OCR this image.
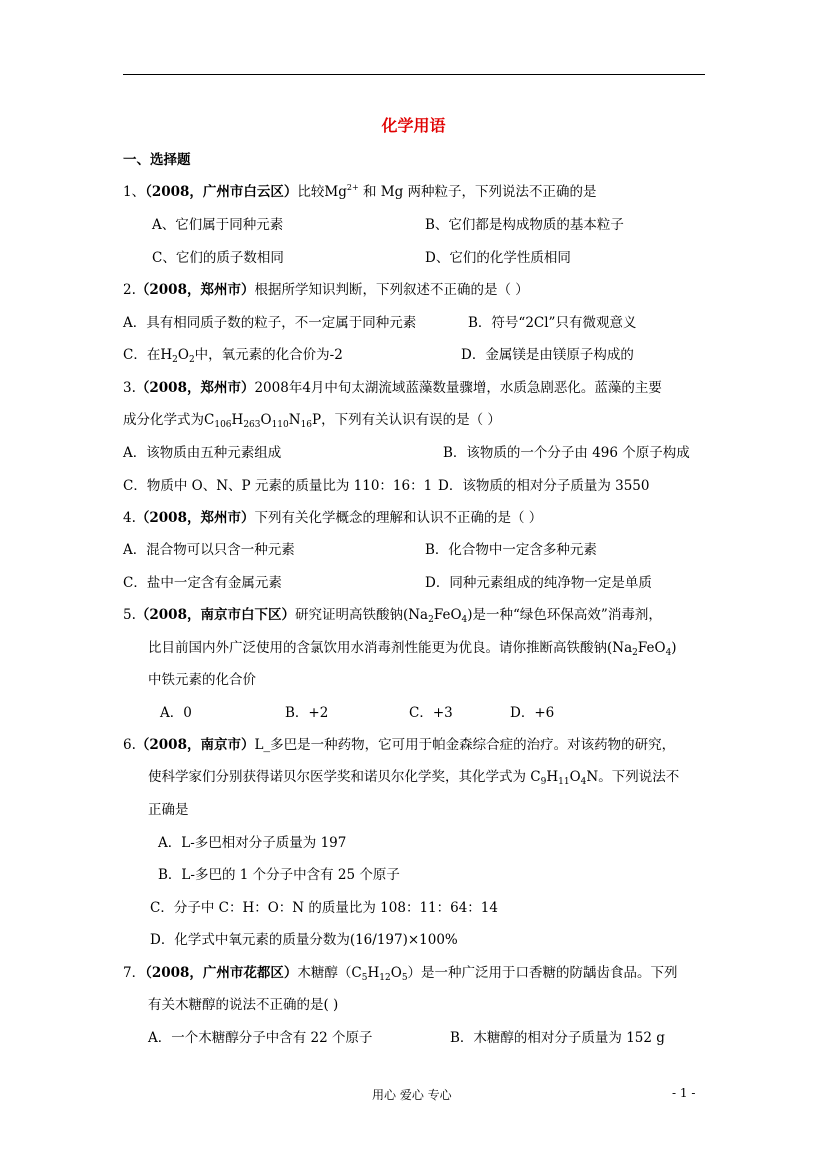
化学用语
一、选择题
1、（2008，广州市白云区）比较$Mg^{2+}$ 和 Mg 两种粒子，下列说法不正确的是
A、它们属于同种元素	B、它们都是构成物质的基本粒子
C、它们的质子数相同	D、它们的化学性质相同
2.（2008，郑州市）根据所学知识判断，下列叙述不正确的是（ ）
A．具有相同质子数的粒子，不一定属于同种元素	B．符号“2Cl”只有微观意义
C．在$H_2O_2$中，氧元素的化合价为-2	D．金属镁是由镁原子构成的
3.（2008，郑州市）2008年4月中旬太湖流域蓝藻数量骤增，水质急剧恶化。蓝藻的主要
成分化学式为$C_{106}H_{263}O_{110}N_{16}P$，下列有关认识有误的是（ ）
A．该物质由五种元素组成	B．该物质的一个分子由 496 个原子构成
C．物质中 O、N、P 元素的质量比为 110：16：1 D．该物质的相对分子质量为 3550
4.（2008，郑州市）下列有关化学概念的理解和认识不正确的是（ ）
A．混合物可以只含一种元素	B．化合物中一定含多种元素
C．盐中一定含有金属元素	D．同种元素组成的纯净物一定是单质
5.（2008，南京市白下区）研究证明高铁酸钠$(Na_2FeO_4)$是一种“绿色环保高效”消毒剂，
比目前国内外广泛使用的含氯饮用水消毒剂性能更为优良。请你推断高铁酸钠$(Na_2FeO_4)$
中铁元素的化合价
A．0	B．+2	C．+3	D．+6
6.（2008，南京市）L_多巴是一种药物，它可用于帕金森综合症的治疗。对该药物的研究，
使科学家们分别获得诺贝尔医学奖和诺贝尔化学奖，其化学式为 $C_9H_{11}O_4N$。下列说法不
正确是
A．L-多巴相对分子质量为 197
B．L-多巴的 1 个分子中含有 25 个原子
C．分子中 C：H：O：N 的质量比为 108：11：64：14
D．化学式中氧元素的质量分数为(16/197)×100%
7．（2008，广州市花都区）木糖醇$(C_5H_{12}O_5)$是一种广泛用于口香糖的防龋齿食品。下列
有关木糖醇的说法不正确的是( )
A．一个木糖醇分子中含有 22 个原子	B．木糖醇的相对分子质量为 152 g
用心 爱心 专心	- 1 -
